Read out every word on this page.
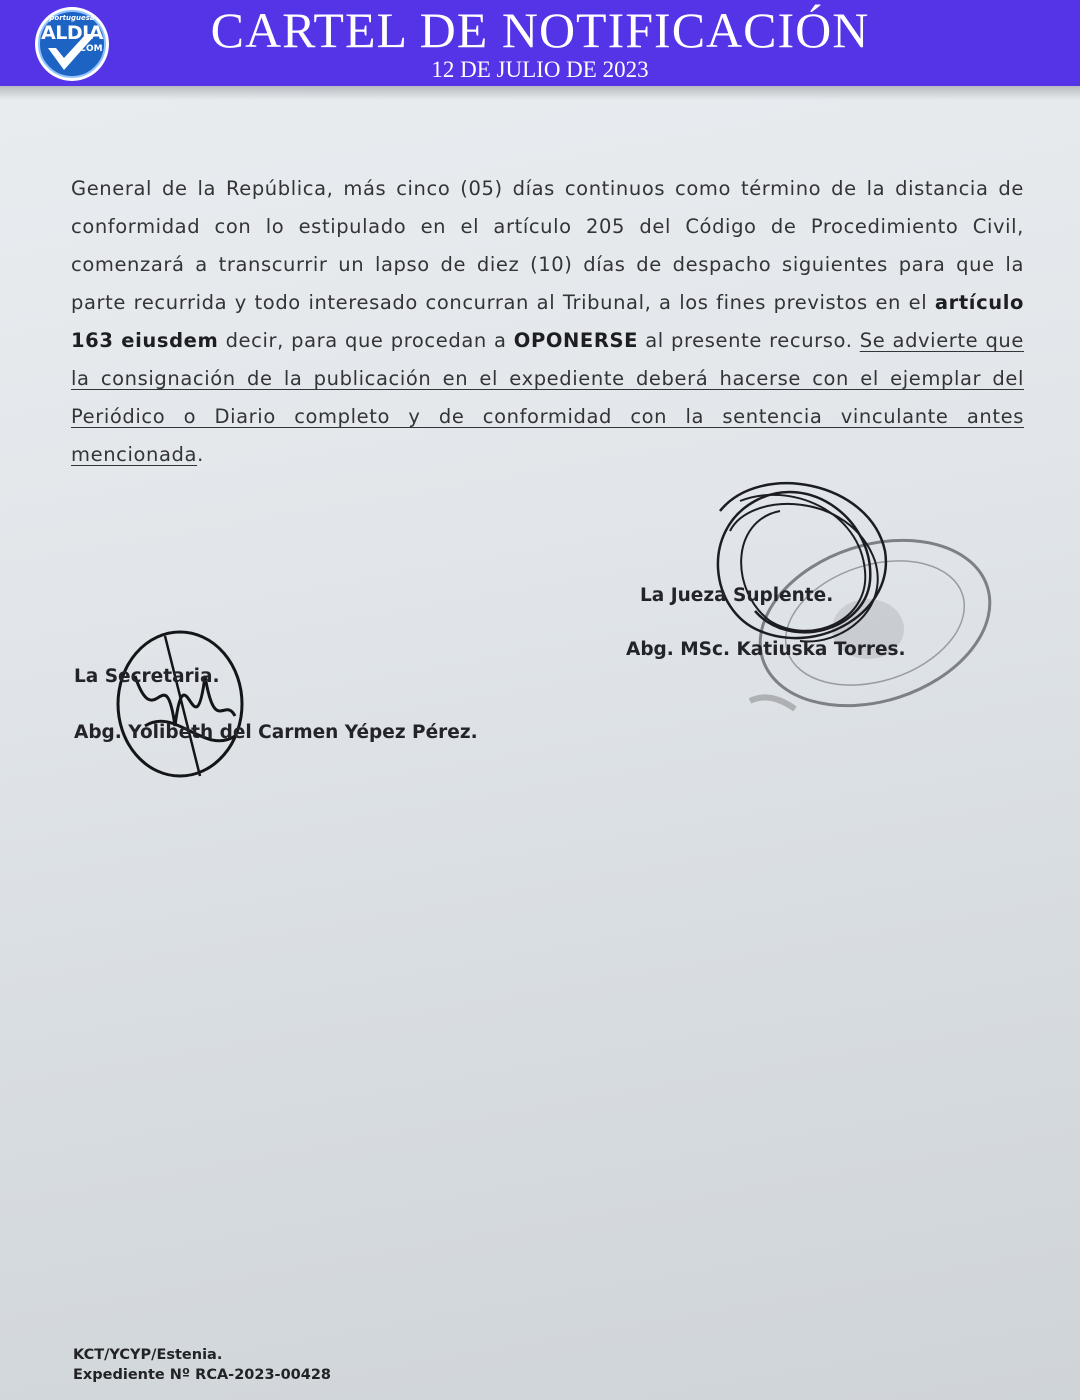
portuguesa
ALDIA
.COM	CARTEL DE NOTIFICACIÓN
12 DE JULIO DE 2023
General de la República, más cinco (05) días continuos como término de la distancia de conformidad con lo estipulado en el artículo 205 del Código de Procedimiento Civil, comenzará a transcurrir un lapso de diez (10) días de despacho siguientes para que la parte recurrida y todo interesado concurran al Tribunal, a los fines previstos en el artículo 163 eiusdem decir, para que procedan a OPONERSE al presente recurso. Se advierte que la consignación de la publicación en el expediente deberá hacerse con el ejemplar del Periódico o Diario completo y de conformidad con la sentencia vinculante antes mencionada.
La Jueza Suplente.
Abg. MSc. Katiuska Torres.
La Secretaria.
Abg. Yolibeth del Carmen Yépez Pérez.
KCT/YCYP/Estenia.
Expediente Nº RCA-2023-00428
